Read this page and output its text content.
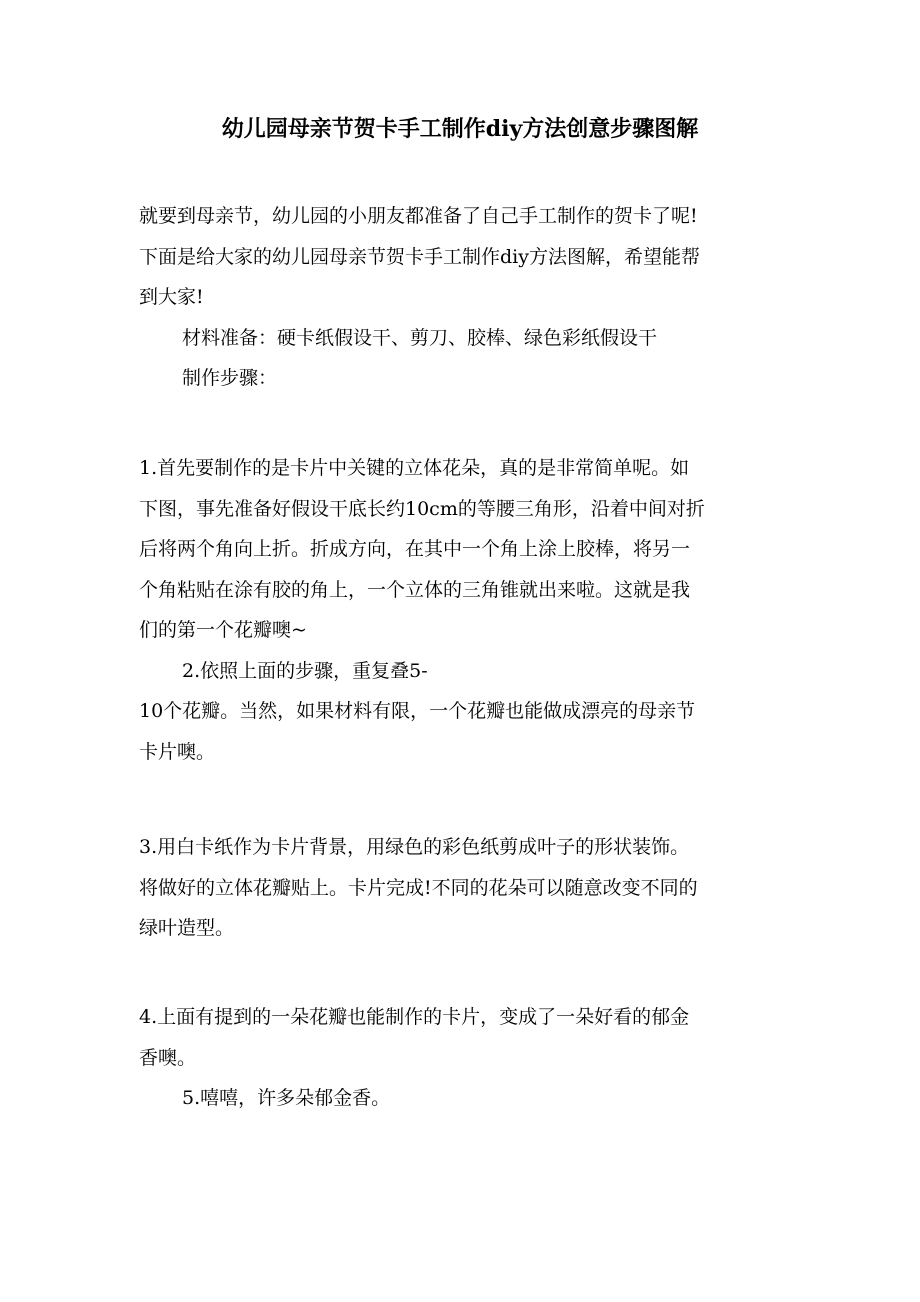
幼儿园母亲节贺卡手工制作diy方法创意步骤图解
就要到母亲节，幼儿园的小朋友都准备了自己手工制作的贺卡了呢!
下面是给大家的幼儿园母亲节贺卡手工制作diy方法图解，希望能帮
到大家!
材料准备：硬卡纸假设干、剪刀、胶棒、绿色彩纸假设干
制作步骤：
1.首先要制作的是卡片中关键的立体花朵，真的是非常简单呢。如
下图，事先准备好假设干底长约10cm的等腰三角形，沿着中间对折
后将两个角向上折。折成方向，在其中一个角上涂上胶棒，将另一
个角粘贴在涂有胶的角上，一个立体的三角锥就出来啦。这就是我
们的第一个花瓣噢~
2.依照上面的步骤，重复叠5-
10个花瓣。当然，如果材料有限，一个花瓣也能做成漂亮的母亲节
卡片噢。
3.用白卡纸作为卡片背景，用绿色的彩色纸剪成叶子的形状装饰。
将做好的立体花瓣贴上。卡片完成!不同的花朵可以随意改变不同的
绿叶造型。
4.上面有提到的一朵花瓣也能制作的卡片，变成了一朵好看的郁金
香噢。
5.嘻嘻，许多朵郁金香。
